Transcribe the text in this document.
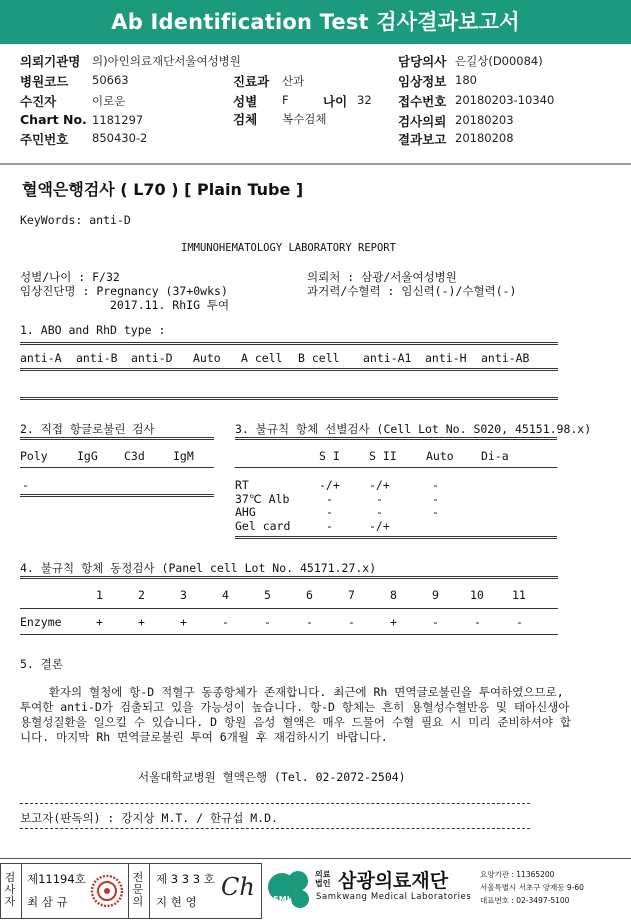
Ab Identification Test 검사결과보고서
의뢰기관명 의)아인의료재단서울여성병원
병원코드 50663
수진자	이로운
Chart No. 1181297
주민번호 850430-2
진료과 산과
성별 F	나이 32
검체 복수검체
담당의사 은길상(D00084)
임상정보 180
접수번호 20180203-10340
검사의뢰 20180203
결과보고 20180208
혈액은행검사 ( L70 ) [ Plain Tube ]
KeyWords: anti-D
IMMUNOHEMATOLOGY LABORATORY REPORT
성별/나이 : F/32
임상진단명 : Pregnancy (37+0wks)
2017.11. RhIG 투여
의뢰처 : 삼광/서울여성병원
과거력/수혈력 : 임신력(-)/수혈력(-)
1. ABO and RhD type :
anti-A anti-B anti-D Auto A cell B cell anti-A1 anti-H anti-AB
2. 직접 항글로불린 검사
Poly	IgG C3d IgM
-
3. 불규칙 항체 선별검사 (Cell Lot No. S020, 45151.98.x)
S I	S II	Auto Di-a
RT	-/+	-/+	-
37℃ Alb	-	-	-
AHG	-	-	-
Gel card	-	-/+
4. 불규칙 항체 동정검사 (Panel cell Lot No. 45171.27.x)
1	2	3	4	5	6	7	8	9	10 11
Enzyme	+	+	+	-	-	-	-	+	-	-	-
5. 결론
환자의 혈청에 항-D 적혈구 동종항체가 존재합니다. 최근에 Rh 면역글로불린을 투여하였으므로, 투여한 anti-D가 검출되고 있을 가능성이 높습니다. 항-D 항체는 흔히 용혈성수혈반응 및 태아신생아용혈성질환을 일으킬 수 있습니다. D 항원 음성 혈액은 매우 드물어 수혈 필요 시 미리 준비하셔야 합니다. 마지막 Rh 면역글로불린 투여 6개월 후 재검하시기 바랍니다.
서울대학교병원 혈액은행 (Tel. 02-2072-2504)
보고자(판독의) : 강지상 M.T. / 한규섭 M.D.
검사자
제11194호
최 삼 규
전문의
제 3 3 3 호
지 현 영
Ch SML
의료법인 삼광의료재단
Samkwang Medical Laboratories
요양기관 : 11365200
서울특별시 서초구 양재동 9-60
대표번호 : 02-3497-5100
